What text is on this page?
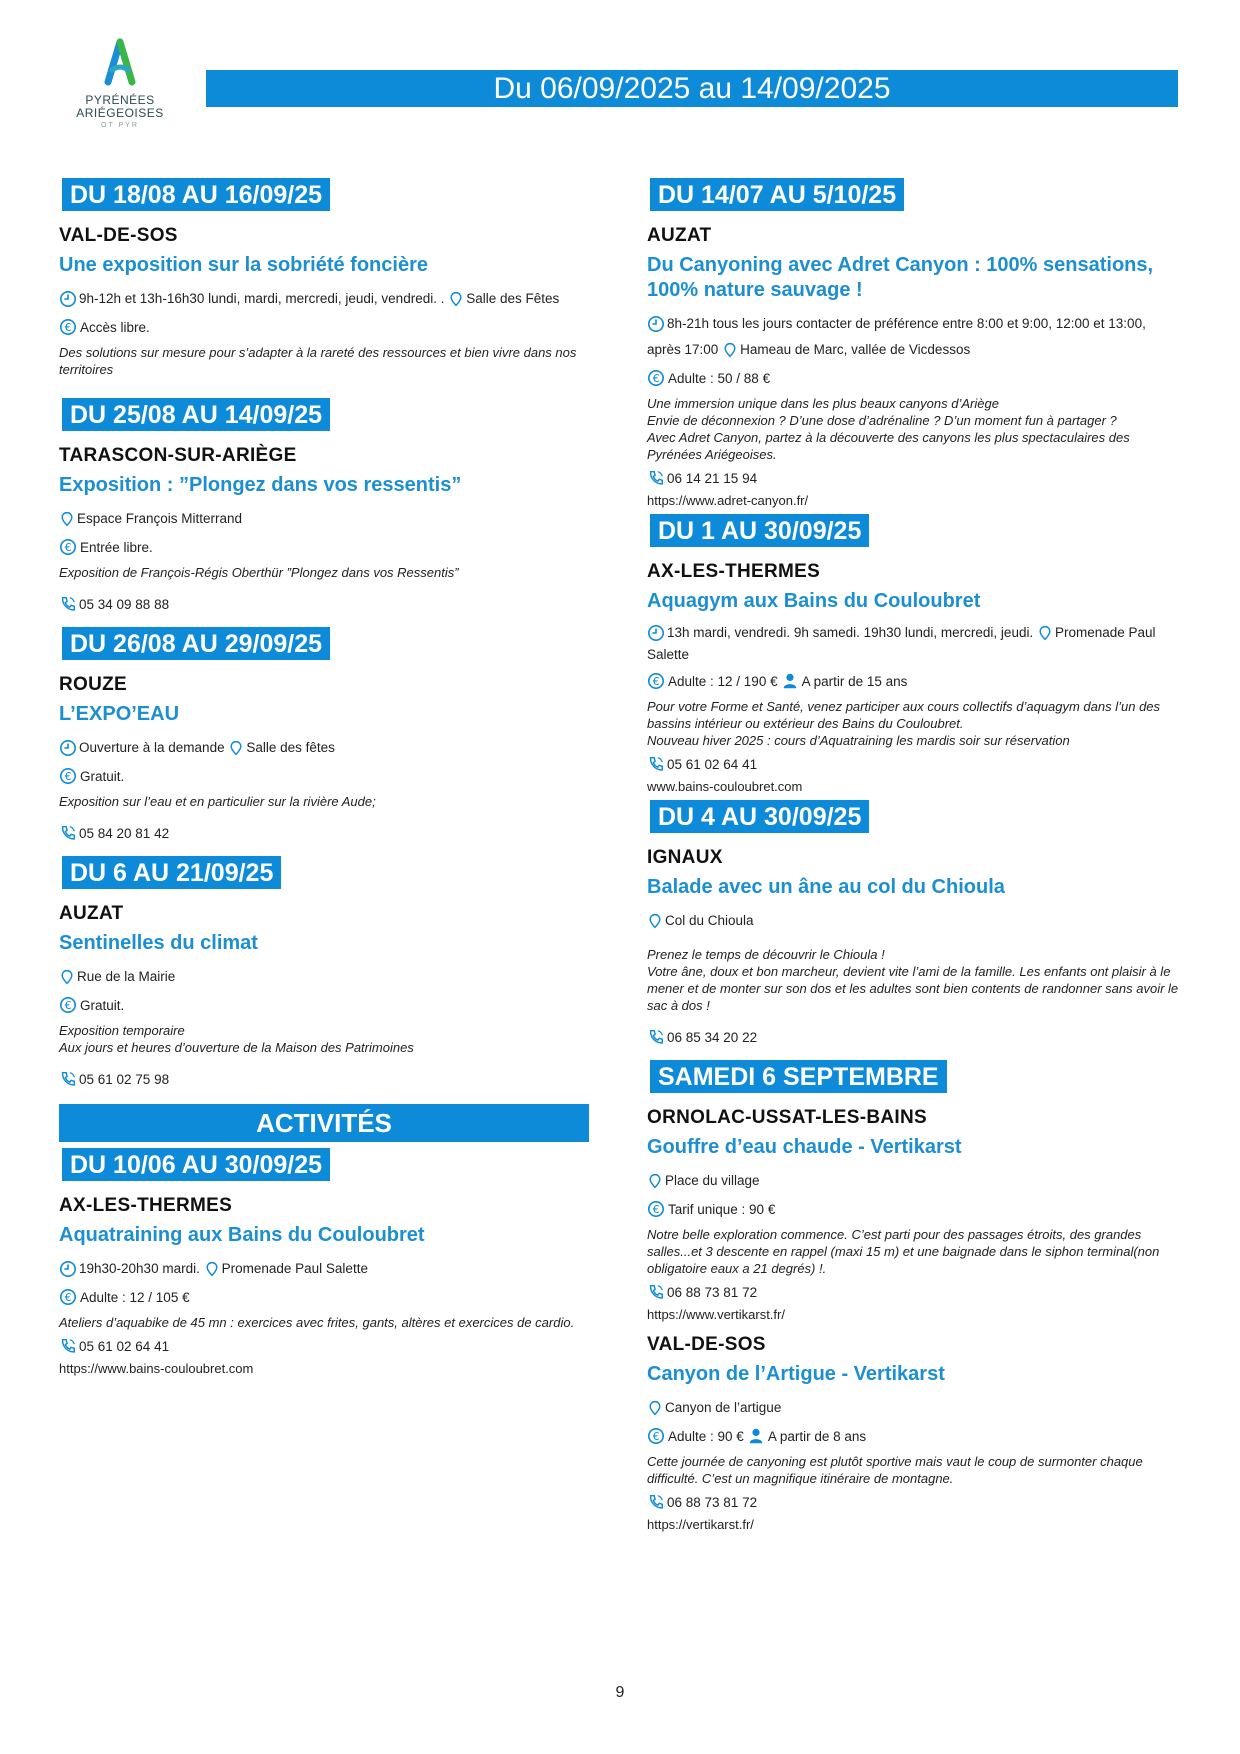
PYRÉNÉES
ARIÉGEOISES
OT PYR
Du 06/09/2025 au 14/09/2025
DU 18/08 AU 16/09/25
VAL-DE-SOS
Une exposition sur la sobriété foncière
9h-12h et 13h-16h30 lundi, mardi, mercredi, jeudi, vendredi. . Salle des Fêtes
Accès libre.
Des solutions sur mesure pour s’adapter à la rareté des ressources et bien vivre dans nos territoires
DU 25/08 AU 14/09/25
TARASCON-SUR-ARIÈGE
Exposition : ”Plongez dans vos ressentis”
Espace François Mitterrand
Entrée libre.
Exposition de François-Régis Oberthür ”Plongez dans vos Ressentis”
05 34 09 88 88
DU 26/08 AU 29/09/25
ROUZE
L’EXPO’EAU
Ouverture à la demande Salle des fêtes
Gratuit.
Exposition sur l’eau et en particulier sur la rivière Aude;
05 84 20 81 42
DU 6 AU 21/09/25
AUZAT
Sentinelles du climat
Rue de la Mairie
Gratuit.
Exposition temporaire
Aux jours et heures d’ouverture de la Maison des Patrimoines
05 61 02 75 98
ACTIVITÉS
DU 10/06 AU 30/09/25
AX-LES-THERMES
Aquatraining aux Bains du Couloubret
19h30-20h30 mardi. Promenade Paul Salette
Adulte : 12 / 105 €
Ateliers d’aquabike de 45 mn : exercices avec frites, gants, altères et exercices de cardio.
05 61 02 64 41
https://www.bains-couloubret.com
DU 14/07 AU 5/10/25
AUZAT
Du Canyoning avec Adret Canyon : 100% sensations, 100% nature sauvage !
8h-21h tous les jours contacter de préférence entre 8:00 et 9:00, 12:00 et 13:00, après 17:00 Hameau de Marc, vallée de Vicdessos
Adulte : 50 / 88 €
Une immersion unique dans les plus beaux canyons d’Ariège
Envie de déconnexion ? D’une dose d’adrénaline ? D’un moment fun à partager ?
Avec Adret Canyon, partez à la découverte des canyons les plus spectaculaires des Pyrénées Ariégeoises.
06 14 21 15 94
https://www.adret-canyon.fr/
DU 1 AU 30/09/25
AX-LES-THERMES
Aquagym aux Bains du Couloubret
13h mardi, vendredi. 9h samedi. 19h30 lundi, mercredi, jeudi. Promenade Paul Salette
Adulte : 12 / 190 € A partir de 15 ans
Pour votre Forme et Santé, venez participer aux cours collectifs d’aquagym dans l’un des bassins intérieur ou extérieur des Bains du Couloubret.
Nouveau hiver 2025 : cours d’Aquatraining les mardis soir sur réservation
05 61 02 64 41
www.bains-couloubret.com
DU 4 AU 30/09/25
IGNAUX
Balade avec un âne au col du Chioula
Col du Chioula
Prenez le temps de découvrir le Chioula !
Votre âne, doux et bon marcheur, devient vite l’ami de la famille. Les enfants ont plaisir à le mener et de monter sur son dos et les adultes sont bien contents de randonner sans avoir le sac à dos !
06 85 34 20 22
SAMEDI 6 SEPTEMBRE
ORNOLAC-USSAT-LES-BAINS
Gouffre d’eau chaude - Vertikarst
Place du village
Tarif unique : 90 €
Notre belle exploration commence. C’est parti pour des passages étroits, des grandes salles...et 3 descente en rappel (maxi 15 m) et une baignade dans le siphon terminal(non obligatoire eaux a 21 degrés) !.
06 88 73 81 72
https://www.vertikarst.fr/
VAL-DE-SOS
Canyon de l’Artigue - Vertikarst
Canyon de l’artigue
Adulte : 90 € A partir de 8 ans
Cette journée de canyoning est plutôt sportive mais vaut le coup de surmonter chaque difficulté. C’est un magnifique itinéraire de montagne.
06 88 73 81 72
https://vertikarst.fr/
9
